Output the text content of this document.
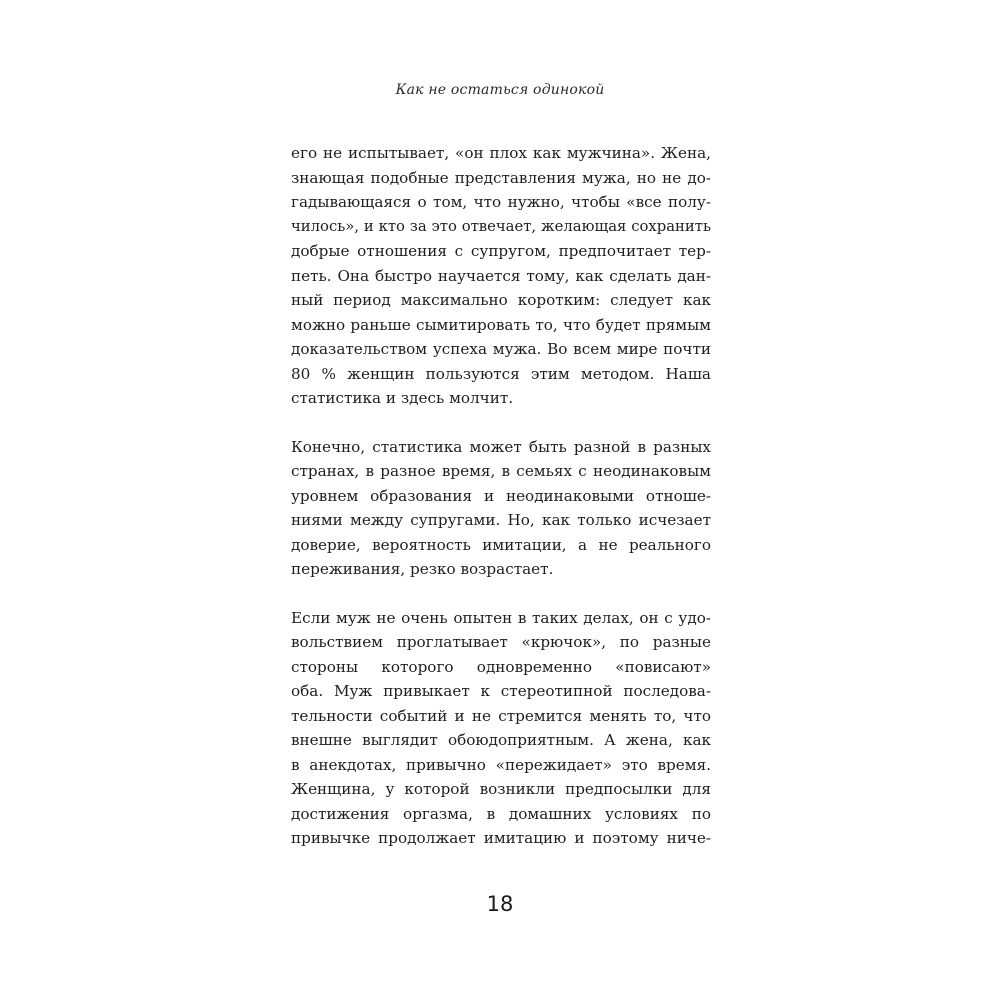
Как не остаться одинокой

его не испытывает, «он плох как мужчина». Жена,
знающая подобные представления мужа, но не до-
гадывающаяся о том, что нужно, чтобы «все полу-
чилось», и кто за это отвечает, желающая сохранить
добрые отношения с супругом, предпочитает тер-
петь. Она быстро научается тому, как сделать дан-
ный период максимально коротким: следует как
можно раньше сымитировать то, что будет прямым
доказательством успеха мужа. Во всем мире почти
80 % женщин пользуются этим методом. Наша
статистика и здесь молчит.

Конечно, статистика может быть разной в разных
странах, в разное время, в семьях с неодинаковым
уровнем образования и неодинаковыми отноше-
ниями между супругами. Но, как только исчезает
доверие, вероятность имитации, а не реального
переживания, резко возрастает.

Если муж не очень опытен в таких делах, он с удо-
вольствием проглатывает «крючок», по разные
стороны которого одновременно «повисают»
оба. Муж привыкает к стереотипной последова-
тельности событий и не стремится менять то, что
внешне выглядит обоюдоприятным. А жена, как
в анекдотах, привычно «пережидает» это время.
Женщина, у которой возникли предпосылки для
достижения оргазма, в домашних условиях по
привычке продолжает имитацию и поэтому ниче-

18
